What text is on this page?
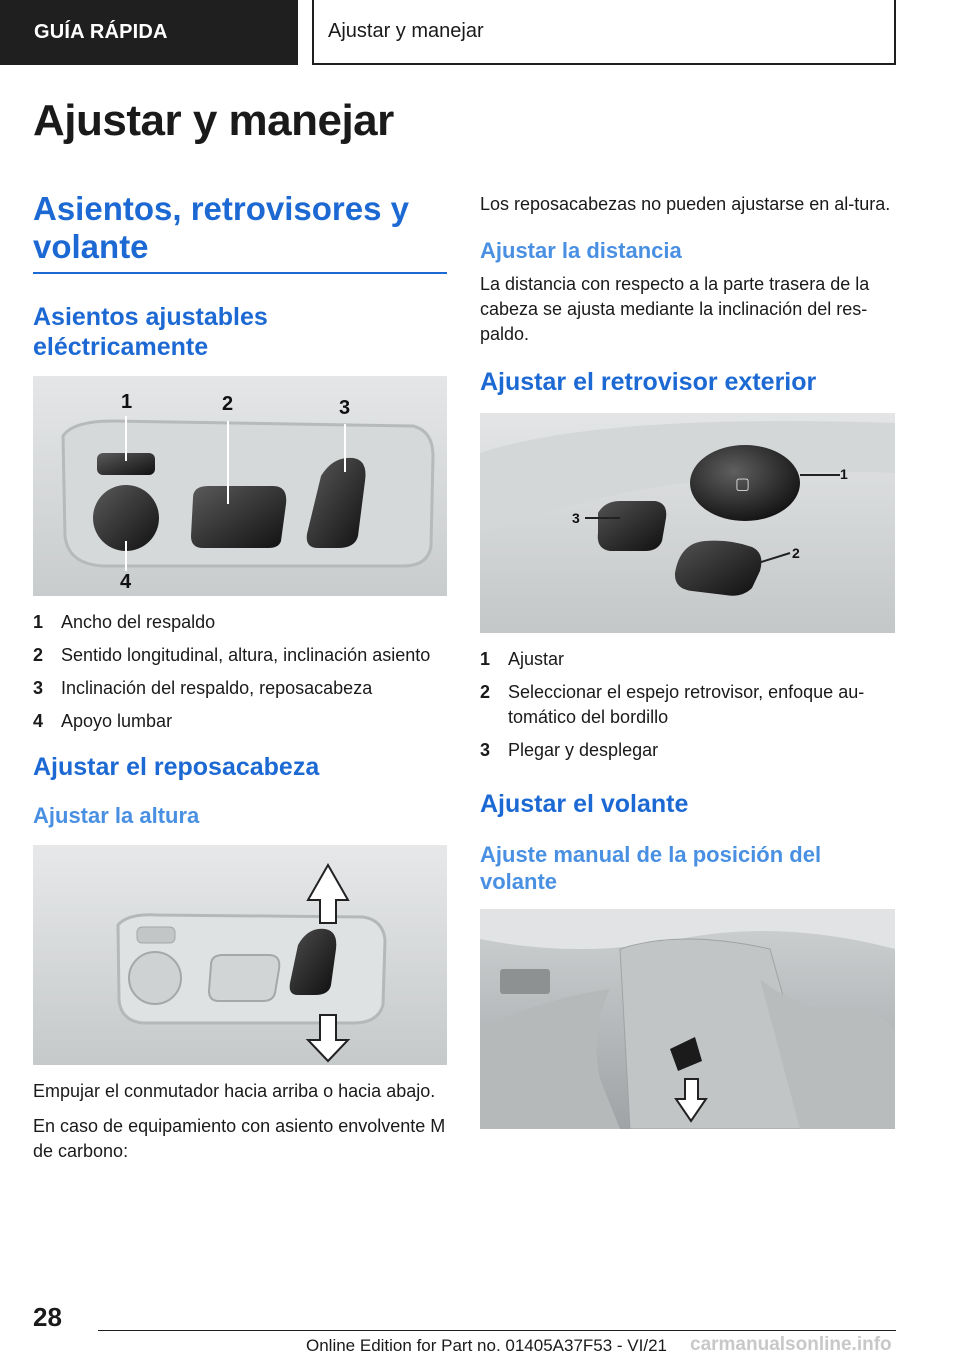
GUÍA RÁPIDA	Ajustar y manejar
Ajustar y manejar
Asientos, retrovisores y volante
Asientos ajustables eléctricamente
1	2	3
4
1 Ancho del respaldo
2 Sentido longitudinal, altura, inclinación asiento
3 Inclinación del respaldo, reposacabeza
4 Apoyo lumbar
Ajustar el reposacabeza
Ajustar la altura

Empujar el conmutador hacia arriba o hacia abajo.

En caso de equipamiento con asiento envolvente M de carbono:

Los reposacabezas no pueden ajustarse en al-tura.

Ajustar la distancia

La distancia con respecto a la parte trasera de la cabeza se ajusta mediante la inclinación del res-paldo.

Ajustar el retrovisor exterior
▢	1
2
3
1 Ajustar
2 Seleccionar el espejo retrovisor, enfoque au-tomático del bordillo
3 Plegar y desplegar
Ajustar el volante
Ajuste manual de la posición del volante
28
Online Edition for Part no. 01405A37F53 - VI/21 carmanualsonline.info
